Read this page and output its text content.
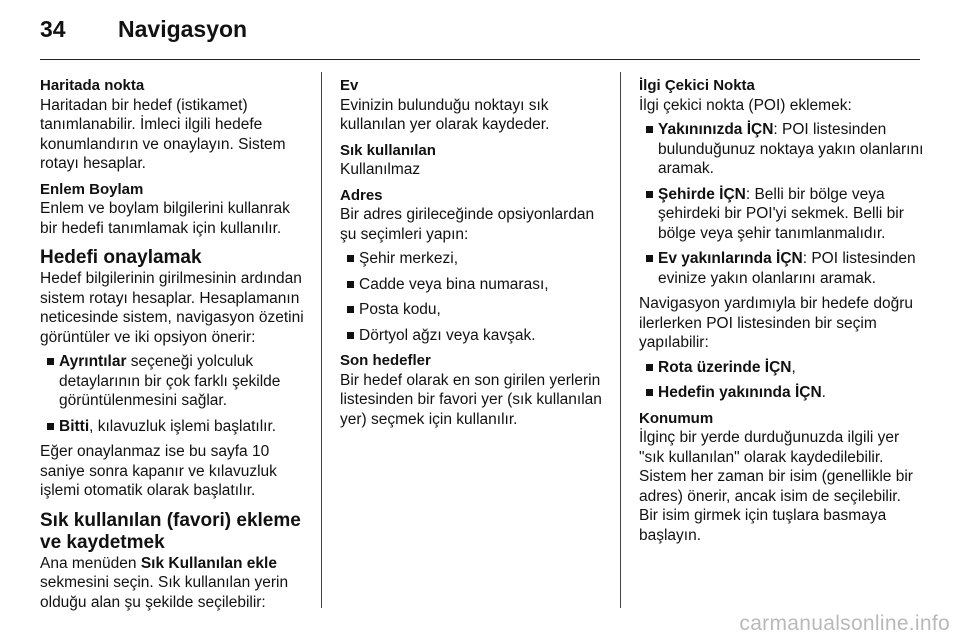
34 Navigasyon
Haritada nokta
Haritadan bir hedef (istikamet) tanımlanabilir. İmleci ilgili hedefe konumlandırın ve onaylayın. Sistem rotayı hesaplar.
Enlem Boylam
Enlem ve boylam bilgilerini kullanrak bir hedefi tanımlamak için kullanılır.
Hedefi onaylamak
Hedef bilgilerinin girilmesinin ardından sistem rotayı hesaplar. Hesaplamanın neticesinde sistem, navigasyon özetini görüntüler ve iki opsiyon önerir:
Ayrıntılar seçeneği yolculuk detaylarının bir çok farklı şekilde görüntülenmesini sağlar.
Bitti, kılavuzluk işlemi başlatılır.
Eğer onaylanmaz ise bu sayfa 10 saniye sonra kapanır ve kılavuzluk işlemi otomatik olarak başlatılır.
Sık kullanılan (favori) ekleme ve kaydetmek
Ana menüden Sık Kullanılan ekle sekmesini seçin. Sık kullanılan yerin olduğu alan şu şekilde seçilebilir:
Ev
Evinizin bulunduğu noktayı sık kullanılan yer olarak kaydeder.
Sık kullanılan
Kullanılmaz
Adres
Bir adres girileceğinde opsiyonlardan şu seçimleri yapın:
Şehir merkezi,
Cadde veya bina numarası,
Posta kodu,
Dörtyol ağzı veya kavşak.
Son hedefler
Bir hedef olarak en son girilen yerlerin listesinden bir favori yer (sık kullanılan yer) seçmek için kullanılır.
İlgi Çekici Nokta
İlgi çekici nokta (POI) eklemek:
Yakınınızda İÇN: POI listesinden bulunduğunuz noktaya yakın olanlarını aramak.
Şehirde İÇN: Belli bir bölge veya şehirdeki bir POI'yi sekmek. Belli bir bölge veya şehir tanımlanmalıdır.
Ev yakınlarında İÇN: POI listesinden evinize yakın olanlarını aramak.
Navigasyon yardımıyla bir hedefe doğru ilerlerken POI listesinden bir seçim yapılabilir:
Rota üzerinde İÇN,
Hedefin yakınında İÇN.
Konumum
İlginç bir yerde durduğunuzda ilgili yer "sık kullanılan" olarak kaydedilebilir. Sistem her zaman bir isim (genellikle bir adres) önerir, ancak isim de seçilebilir. Bir isim girmek için tuşlara basmaya başlayın.
carmanualsonline.info
